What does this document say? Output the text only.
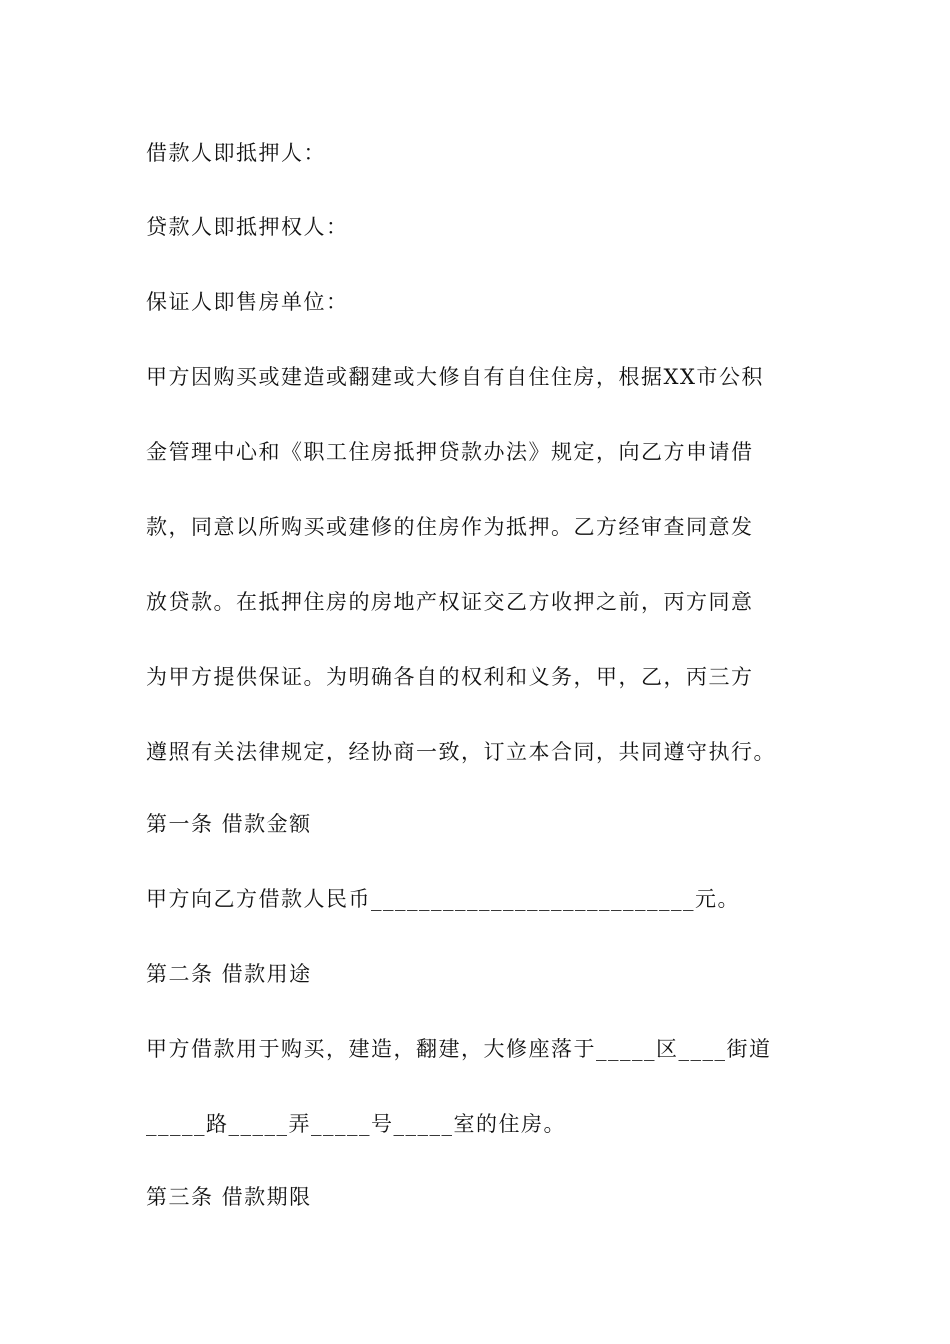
借款人即抵押人：
贷款人即抵押权人：
保证人即售房单位：
甲方因购买或建造或翻建或大修自有自住住房，根据XX市公积
金管理中心和《职工住房抵押贷款办法》规定，向乙方申请借
款，同意以所购买或建修的住房作为抵押。乙方经审查同意发
放贷款。在抵押住房的房地产权证交乙方收押之前，丙方同意
为甲方提供保证。为明确各自的权利和义务，甲，乙，丙三方
遵照有关法律规定，经协商一致，订立本合同，共同遵守执行。
第一条 借款金额
甲方向乙方借款人民币___________________________元。
第二条 借款用途
甲方借款用于购买，建造，翻建，大修座落于_____区____街道
_____路_____弄_____号_____室的住房。
第三条 借款期限
